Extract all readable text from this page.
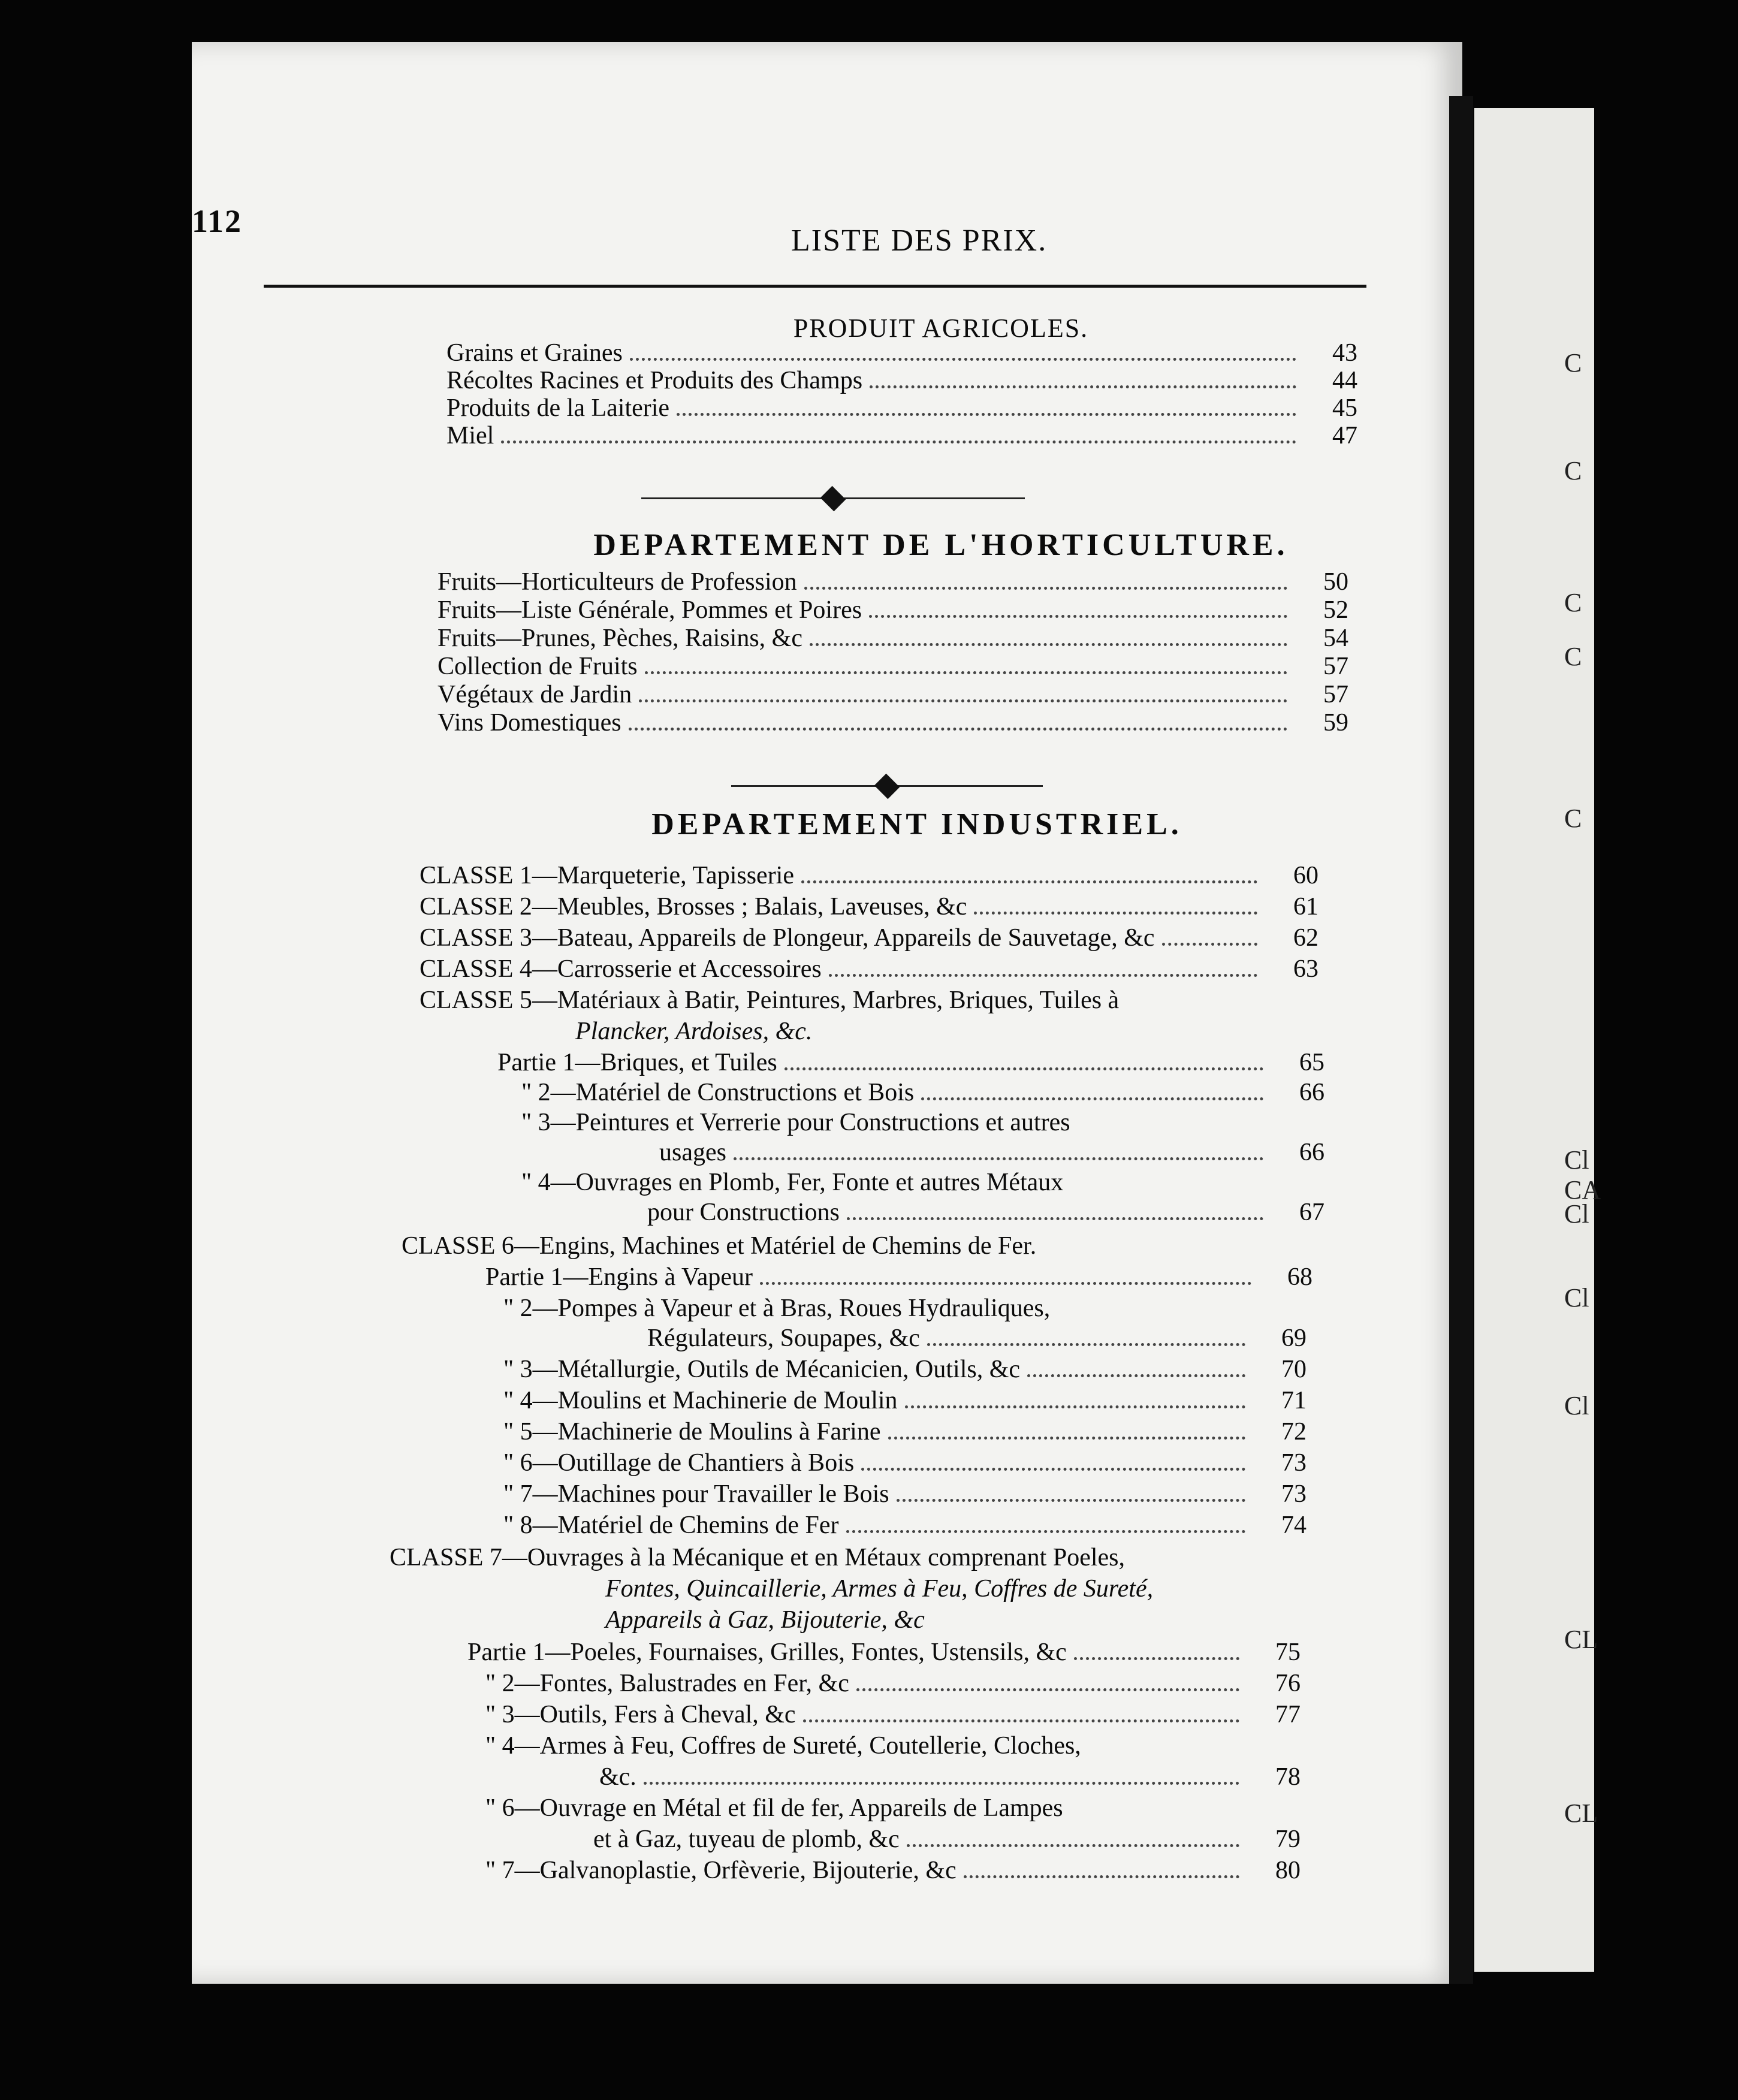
112
LISTE DES PRIX.
PRODUIT AGRICOLES.
Grains et Graines	43
Récoltes Racines et Produits des Champs	44
Produits de la Laiterie	45
Miel	47
DEPARTEMENT DE L'HORTICULTURE.
Fruits—Horticulteurs de Profession	50
Fruits—Liste Générale, Pommes et Poires	52
Fruits—Prunes, Pèches, Raisins, &c	54
Collection de Fruits	57
Végétaux de Jardin	57
Vins Domestiques	59
DEPARTEMENT INDUSTRIEL.
CLASSE 1—Marqueterie, Tapisserie	60
CLASSE 2—Meubles, Brosses ; Balais, Laveuses, &c	61
CLASSE 3—Bateau, Appareils de Plongeur, Appareils de Sauvetage, &c	62
CLASSE 4—Carrosserie et Accessoires	63
CLASSE 5—Matériaux à Batir, Peintures, Marbres, Briques, Tuiles à
Plancker, Ardoises, &c.
Partie 1—Briques, et Tuiles	65
" 2—Matériel de Constructions et Bois	66
" 3—Peintures et Verrerie pour Constructions et autres
usages	66
" 4—Ouvrages en Plomb, Fer, Fonte et autres Métaux
pour Constructions	67
CLASSE 6—Engins, Machines et Matériel de Chemins de Fer.
Partie 1—Engins à Vapeur	68
" 2—Pompes à Vapeur et à Bras, Roues Hydrauliques,
Régulateurs, Soupapes, &c	69
" 3—Métallurgie, Outils de Mécanicien, Outils, &c	70
" 4—Moulins et Machinerie de Moulin	71
" 5—Machinerie de Moulins à Farine	72
" 6—Outillage de Chantiers à Bois	73
" 7—Machines pour Travailler le Bois	73
" 8—Matériel de Chemins de Fer	74
CLASSE 7—Ouvrages à la Mécanique et en Métaux comprenant Poeles,
Fontes, Quincaillerie, Armes à Feu, Coffres de Sureté,
Appareils à Gaz, Bijouterie, &c
Partie 1—Poeles, Fournaises, Grilles, Fontes, Ustensils, &c	75
" 2—Fontes, Balustrades en Fer, &c	76
" 3—Outils, Fers à Cheval, &c	77
" 4—Armes à Feu, Coffres de Sureté, Coutellerie, Cloches,
&c.	78
" 6—Ouvrage en Métal et fil de fer, Appareils de Lampes
et à Gaz, tuyeau de plomb, &c	79
" 7—Galvanoplastie, Orfèverie, Bijouterie, &c	80
C
C
C
C
C
Cl
CA
Cl
Cl
Cl
CL
CL
